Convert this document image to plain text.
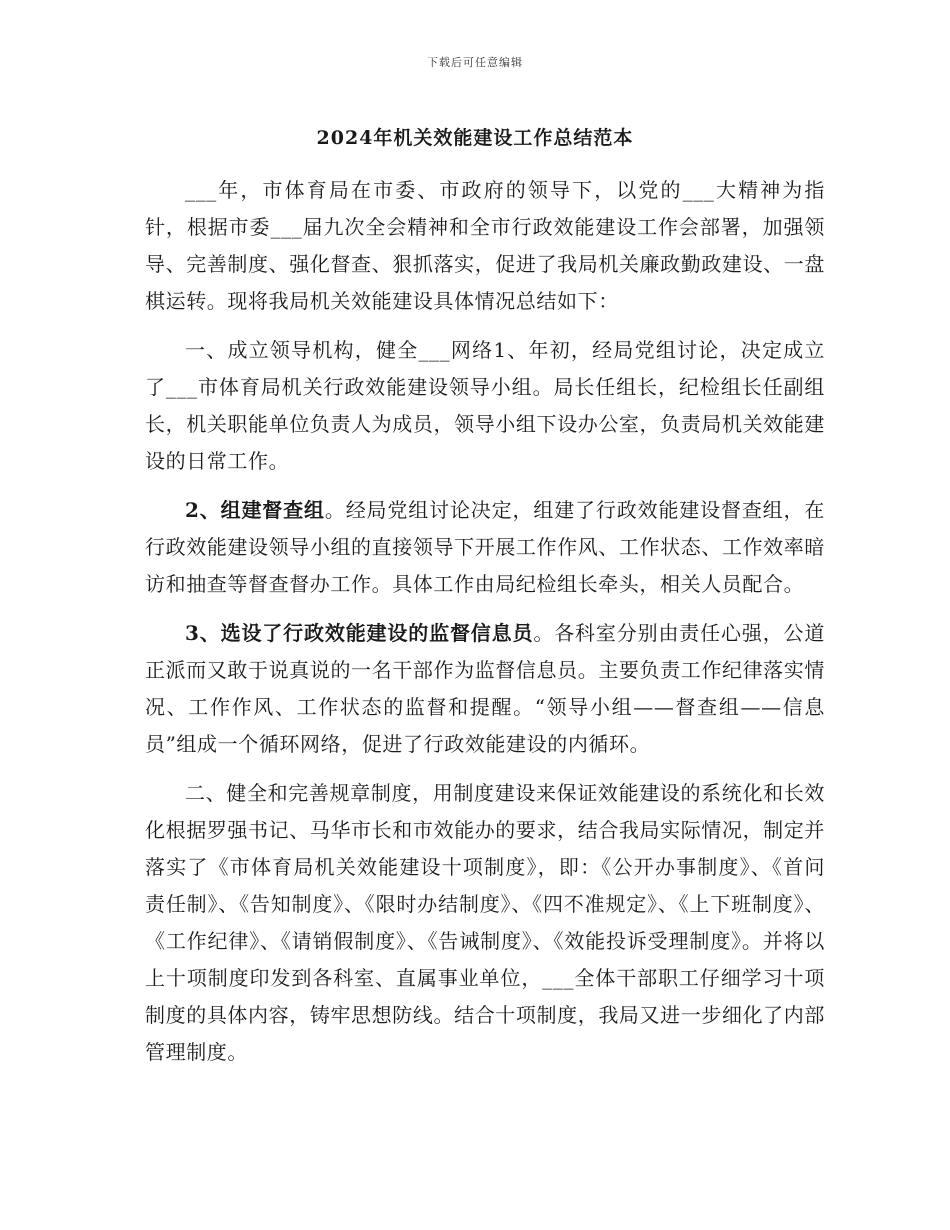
下载后可任意编辑
2024年机关效能建设工作总结范本

___年，市体育局在市委、市政府的领导下，以党的___大精神为指针，根据市委___届九次全会精神和全市行政效能建设工作会部署，加强领导、完善制度、强化督查、狠抓落实，促进了我局机关廉政勤政建设、一盘棋运转。现将我局机关效能建设具体情况总结如下：

一、成立领导机构，健全___网络1、年初，经局党组讨论，决定成立了___市体育局机关行政效能建设领导小组。局长任组长，纪检组长任副组长，机关职能单位负责人为成员，领导小组下设办公室，负责局机关效能建设的日常工作。

2、组建督查组。经局党组讨论决定，组建了行政效能建设督查组，在行政效能建设领导小组的直接领导下开展工作作风、工作状态、工作效率暗访和抽查等督查督办工作。具体工作由局纪检组长牵头，相关人员配合。

3、选设了行政效能建设的监督信息员。各科室分别由责任心强，公道正派而又敢于说真说的一名干部作为监督信息员。主要负责工作纪律落实情况、工作作风、工作状态的监督和提醒。“领导小组——督查组——信息员”组成一个循环网络，促进了行政效能建设的内循环。

二、健全和完善规章制度，用制度建设来保证效能建设的系统化和长效化根据罗强书记、马华市长和市效能办的要求，结合我局实际情况，制定并落实了《市体育局机关效能建设十项制度》，即：《公开办事制度》、《首问责任制》、《告知制度》、《限时办结制度》、《四不准规定》、《上下班制度》、《工作纪律》、《请销假制度》、《告诫制度》、《效能投诉受理制度》。并将以上十项制度印发到各科室、直属事业单位，___全体干部职工仔细学习十项制度的具体内容，铸牢思想防线。结合十项制度，我局又进一步细化了内部管理制度。
